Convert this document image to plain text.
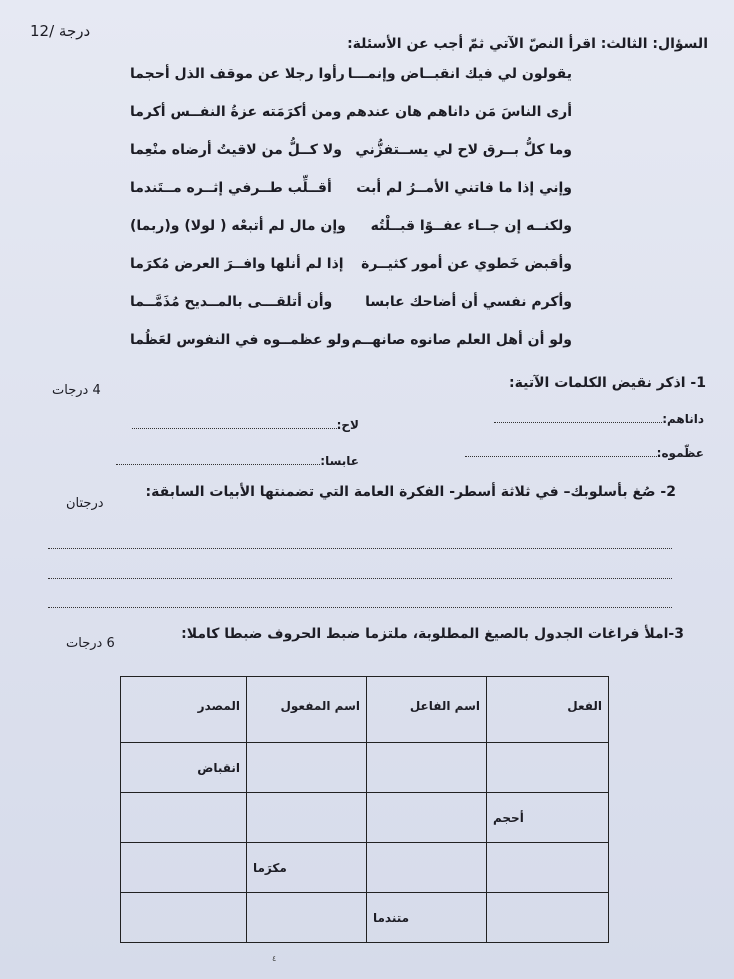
12/ درجة
السؤال: الثالث: اقرأ النصّ الآتي ثمّ أجب عن الأسئلة:
يقولون لي فيك انقبــاض وإنمـــا
رأوا رجلا عن موقف الذل أحجما
أرى الناسَ مَن داناهم هان عندهم
ومن أكرَمَته عزةُ النفــس أكرما
وما كلُّ بــرق لاح لي يســتفزُّني
ولا كــلُّ من لاقيتُ أرضاه منْعِما
وإني إذا ما فاتني الأمــرُ لم أبت
أقــلِّب طــرفي إثــره مــتَندما
ولكنــه إن جــاء عفــوًا قبــلْتُه
وإن مال لم أتبعْه ( لولا) و(ربما)
وأقبض خَطوي عن أمور كثيــرة
إذا لم أنلها وافــرَ العرض مُكرَما
وأكرم نفسي أن أضاحك عابسا
وأن أتلقـــى بالمــديح مُذَمَّــما
ولو أن أهل العلم صانوه صانهــم
ولو عظمــوه في النفوس لعَظُما
1- اذكر نقيض الكلمات الآتية:
4 درجات
داناهم:
لاح:
عظّموه:
عابسا:
2- صُغ بأسلوبك– في ثلاثة أسطر- الفكرة العامة التي تضمنتها الأبيات السابقة:
درجتان
3-املأ فراغات الجدول بالصيغ المطلوبة، ملتزما ضبط الحروف ضبطا كاملا:
6 درجات
الفعل	اسم الفاعل	اسم المفعول	المصدر
			انقباض
أحجم			
		مكرَما	
	متندما		
٤
